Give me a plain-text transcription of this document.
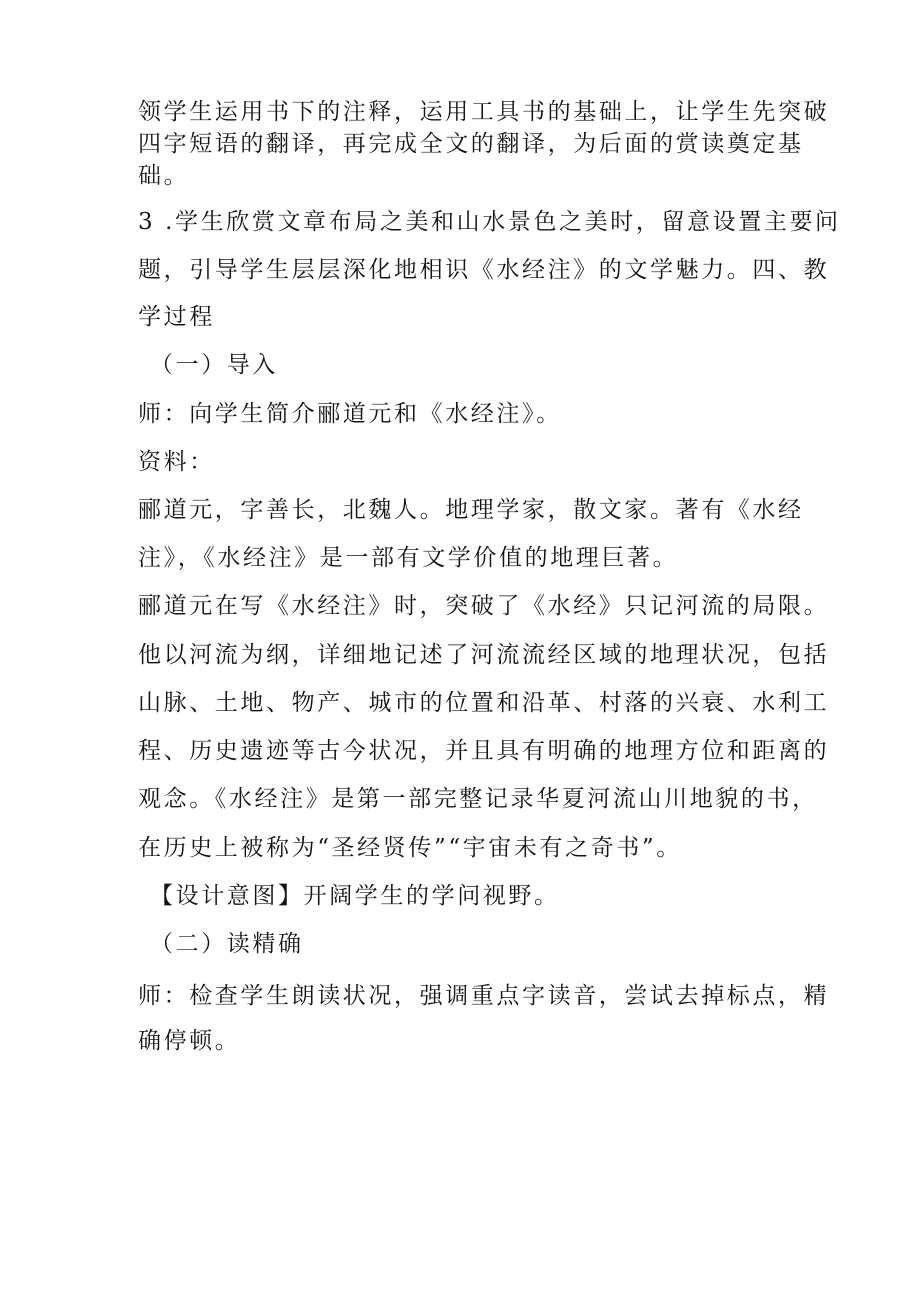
领学生运用书下的注释，运用工具书的基础上，让学生先突破
四字短语的翻译，再完成全文的翻译，为后面的赏读奠定基
础。
3 .学生欣赏文章布局之美和山水景色之美时，留意设置主要问
题，引导学生层层深化地相识《水经注》的文学魅力。四、教
学过程
（一）导入
师：向学生简介郦道元和《水经注》。
资料：
郦道元，字善长，北魏人。地理学家，散文家。著有《水经
注》，《水经注》是一部有文学价值的地理巨著。
郦道元在写《水经注》时，突破了《水经》只记河流的局限。
他以河流为纲，详细地记述了河流流经区域的地理状况，包括
山脉、土地、物产、城市的位置和沿革、村落的兴衰、水利工
程、历史遗迹等古今状况，并且具有明确的地理方位和距离的
观念。《水经注》是第一部完整记录华夏河流山川地貌的书，
在历史上被称为“圣经贤传”“宇宙未有之奇书”。
【设计意图】开阔学生的学问视野。
（二）读精确
师：检查学生朗读状况，强调重点字读音，尝试去掉标点，精
确停顿。
